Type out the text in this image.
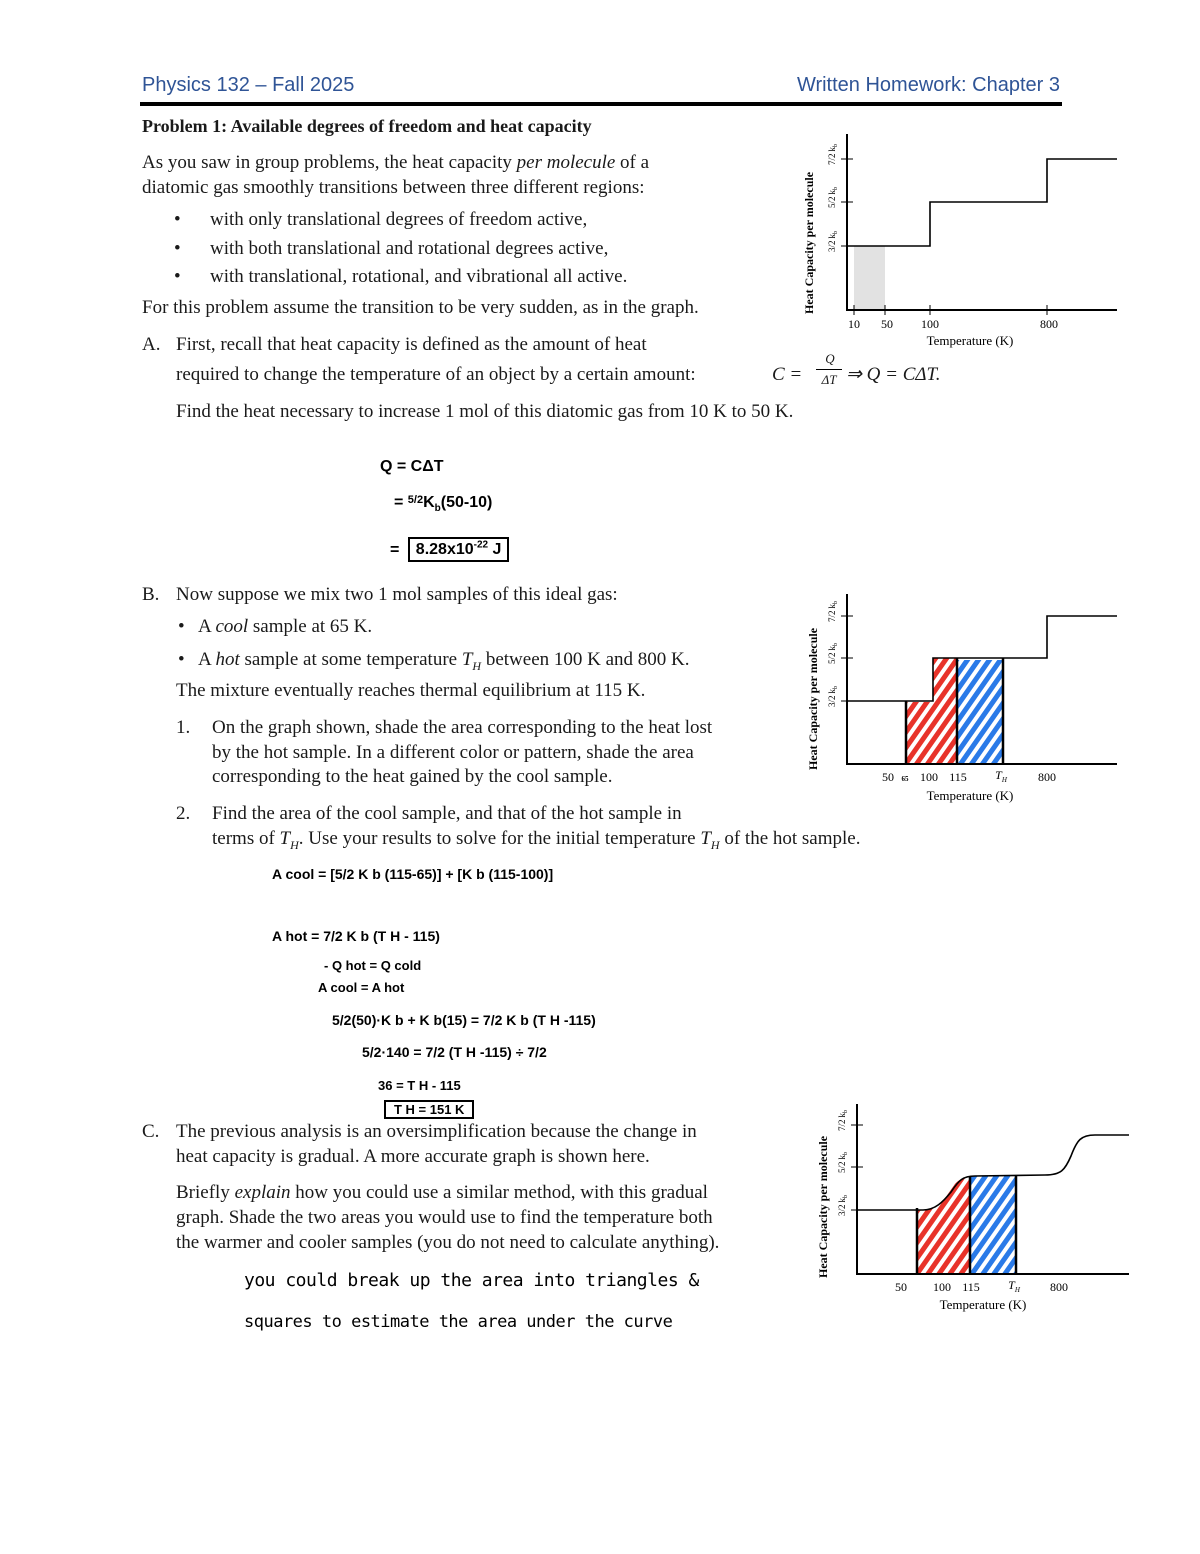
Physics 132 – Fall 2025	Written Homework: Chapter 3
Problem 1: Available degrees of freedom and heat capacity
As you saw in group problems, the heat capacity per molecule of a
diatomic gas smoothly transitions between three different regions:
• with only translational degrees of freedom active,
• with both translational and rotational degrees active,
• with translational, rotational, and vibrational all active.
For this problem assume the transition to be very sudden, as in the graph.
A. First, recall that heat capacity is defined as the amount of heat
required to change the temperature of an object by a certain amount:	C =
Q
ΔT ⇒ Q = CΔT.
Find the heat necessary to increase 1 mol of this diatomic gas from 10 K to 50 K.
Q = CΔT
= $^{5/2}K_b(50-10)$
= $8.28x10^{-22}$ J
B. Now suppose we mix two 1 mol samples of this ideal gas:
• A cool sample at 65 K.
• A hot sample at some temperature $T_H$ between 100 K and 800 K.
The mixture eventually reaches thermal equilibrium at 115 K.
1. On the graph shown, shade the area corresponding to the heat lost
by the hot sample. In a different color or pattern, shade the area
corresponding to the heat gained by the cool sample.
2. Find the area of the cool sample, and that of the hot sample in
terms of $T_H$. Use your results to solve for the initial temperature $T_H$ of the hot sample.
A cool = [5/2 K b (115-65)] + [K b (115-100)]
A hot = 7/2 K b (T H - 115)
- Q hot = Q cold
A cool = A hot
5/2(50)·K b + K b(15) = 7/2 K b (T H -115)
5/2·140 = 7/2 (T H -115) ÷ 7/2
36 = T H - 115
T H = 151 K
C. The previous analysis is an oversimplification because the change in
heat capacity is gradual. A more accurate graph is shown here.
Briefly explain how you could use a similar method, with this gradual
graph. Shade the two areas you would use to find the temperature both
the warmer and cooler samples (you do not need to calculate anything).
you could break up the area into triangles &
squares to estimate the area under the curve
$3/2k_b$
$5/2k_b$
$7/2k_b$
10 50 100	800
Temperature (K)
Heat Capacity per molecule
$3/2k_b$
$5/2k_b$
$7/2k_b$
50 65 100 115 $T_H$	800
Temperature (K)
Heat Capacity per molecule
$3/2k_b$
$5/2k_b$
$7/2k_b$
50 100 115 $T_H$	800
Temperature (K)
Heat Capacity per molecule
